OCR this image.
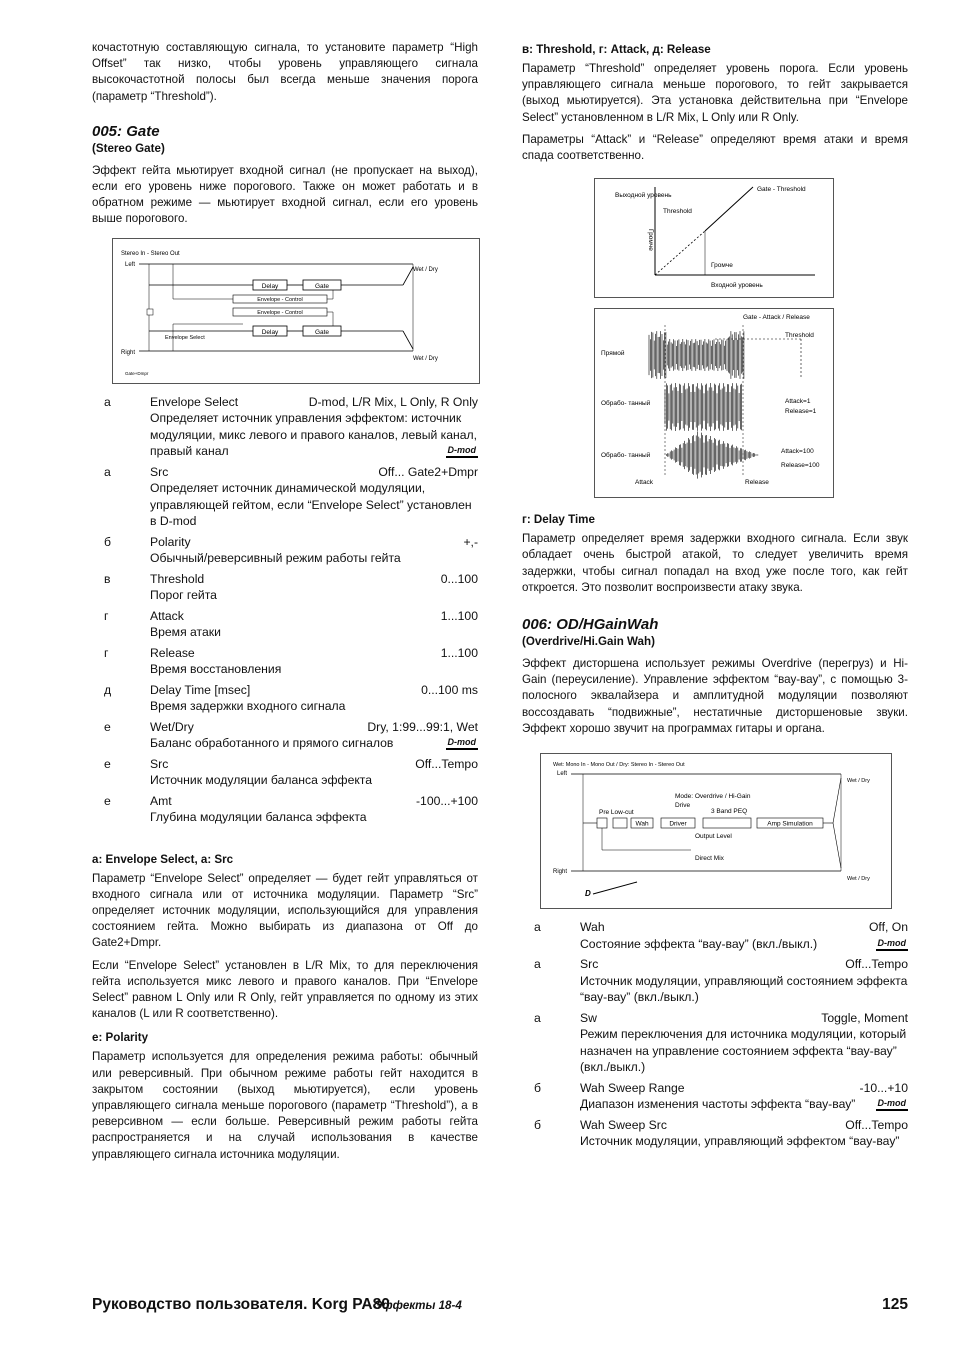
кочастотную составляющую сигнала, то установите параметр “High Offset” так низко, чтобы уровень управляющего сигнала высокочастотной полосы был всегда меньше значения порога (параметр “Threshold”).

005: Gate
(Stereo Gate)

Эффект гейта мьютирует входной сигнал (не пропускает на выход), если его уровень ниже порогового. Также он может работать и в обратном режиме — мьютирует входной сигнал, если его уровень выше порогового.

Stereo In - Stereo Out
Left
Right
Delay	Gate
Delay	Gate
Envelope - Control
Envelope - Control
Envelope Select
Wet / Dry
Wet / Dry
Gate+Dmpr
a	Envelope Select	D-mod, L/R Mix, L Only, R Only
Определяет источник управления эффектом: источник модуляции, микс левого и правого каналов, левый канал, правый канал	D-mod
a	Src	Off... Gate2+Dmpr
Определяет источник динамической модуляции, управляющей гейтом, если “Envelope Select” установлен в D-mod
б	Polarity	+,-
Обычный/реверсивный режим работы гейта
в	Threshold	0...100
Порог гейта
г	Attack	1...100
Время атаки
г	Release	1...100
Время восстановления
д	Delay Time [msec]	0...100 ms
Время задержки входного сигнала
е	Wet/Dry	Dry, 1:99...99:1, Wet
Баланс обработанного и прямого сигналов	D-mod
е	Src	Off...Tempo
Источник модуляции баланса эффекта
е	Amt	-100...+100
Глубина модуляции баланса эффекта
a: Envelope Select, a: Src

Параметр “Envelope Select” определяет — будет гейт управляться от входного сигнала или от источника модуляции. Параметр “Src” определяет источник модуляции, использующийся для управления состоянием гейта. Можно выбирать из диапазона от Off до Gate2+Dmpr.

Если “Envelope Select” установлен в L/R Mix, то для переключения гейта используется микс левого и правого каналов. При “Envelope Select” равном L Only или R Only, гейт управляется по одному из этих каналов (L или R соответственно).

е: Polarity

Параметр используется для определения режима работы: обычный или реверсивный. При обычном режиме работы гейт находится в закрытом состоянии (выход мьютируется), если уровень управляющего сигнала меньше порогового (параметр “Threshold”), а в реверсивном — если больше. Реверсивный режим работы гейта распространяется и на случай использования в качестве управляющего сигнала источника модуляции.

в: Threshold, г: Attack, д: Release

Параметр “Threshold” определяет уровень порога. Если уровень управляющего сигнала меньше порогового, то гейт закрывается (выход мьютируется). Эта установка действительна при “Envelope Select” установленном в L/R Mix, L Only или R Only.

Параметры “Attack” и “Release” определяют время атаки и время спада соответственно.

Выходной уровень
Gate - Threshold
Threshold
Громче
Громче
Входной уровень
Gate - Attack / Release
Threshold
Прямой
Обрабо- танный
Обрабо- танный
Attack=1
Release=1
Attack=100
Release=100
Attack	Release
г: Delay Time

Параметр определяет время задержки входного сигнала. Если звук обладает очень быстрой атакой, то следует увеличить время задержки, чтобы сигнал попадал на вход уже после того, как гейт откроется. Это позволит воспроизвести атаку звука.

006: OD/HGainWah
(Overdrive/Hi.Gain Wah)

Эффект дисторшена использует режимы Overdrive (перегруз) и Hi-Gain (переусиление). Управление эффектом “вау-вау”, с помощью 3-полосного эквалайзера и амплитудной модуляции позволяют воссоздавать “подвижные”, нестатичные дисторшеновые звуки. Эффект хорошо звучит на программах гитары и органа.

Wet: Mono In - Mono Out / Dry: Stereo In - Stereo Out
Left
Right
Pre Low-cut
Wah	Driver
3 Band PEQ
Amp Simulation
Mode: Overdrive / Hi-Gain
Drive
Output Level
Direct Mix
Wet / Dry
Wet / Dry
D
a	Wah	Off, On
Состояние эффекта “вау-вау” (вкл./выкл.)	D-mod
a	Src	Off...Tempo
Источник модуляции, управляющий состоянием эффекта “вау-вау” (вкл./выкл.)
a	Sw	Toggle, Moment
Режим переключения для источника модуляции, который назначен на управление состоянием эффекта “вау-вау” (вкл./выкл.)
б	Wah Sweep Range	-10...+10
Диапазон изменения частоты эффекта “вау-вау” D-mod
б	Wah Sweep Src	Off...Tempo
Источник модуляции, управляющий эффектом “вау-вау”
Руководство пользователя. Korg PA80
Эффекты 18-4	125
